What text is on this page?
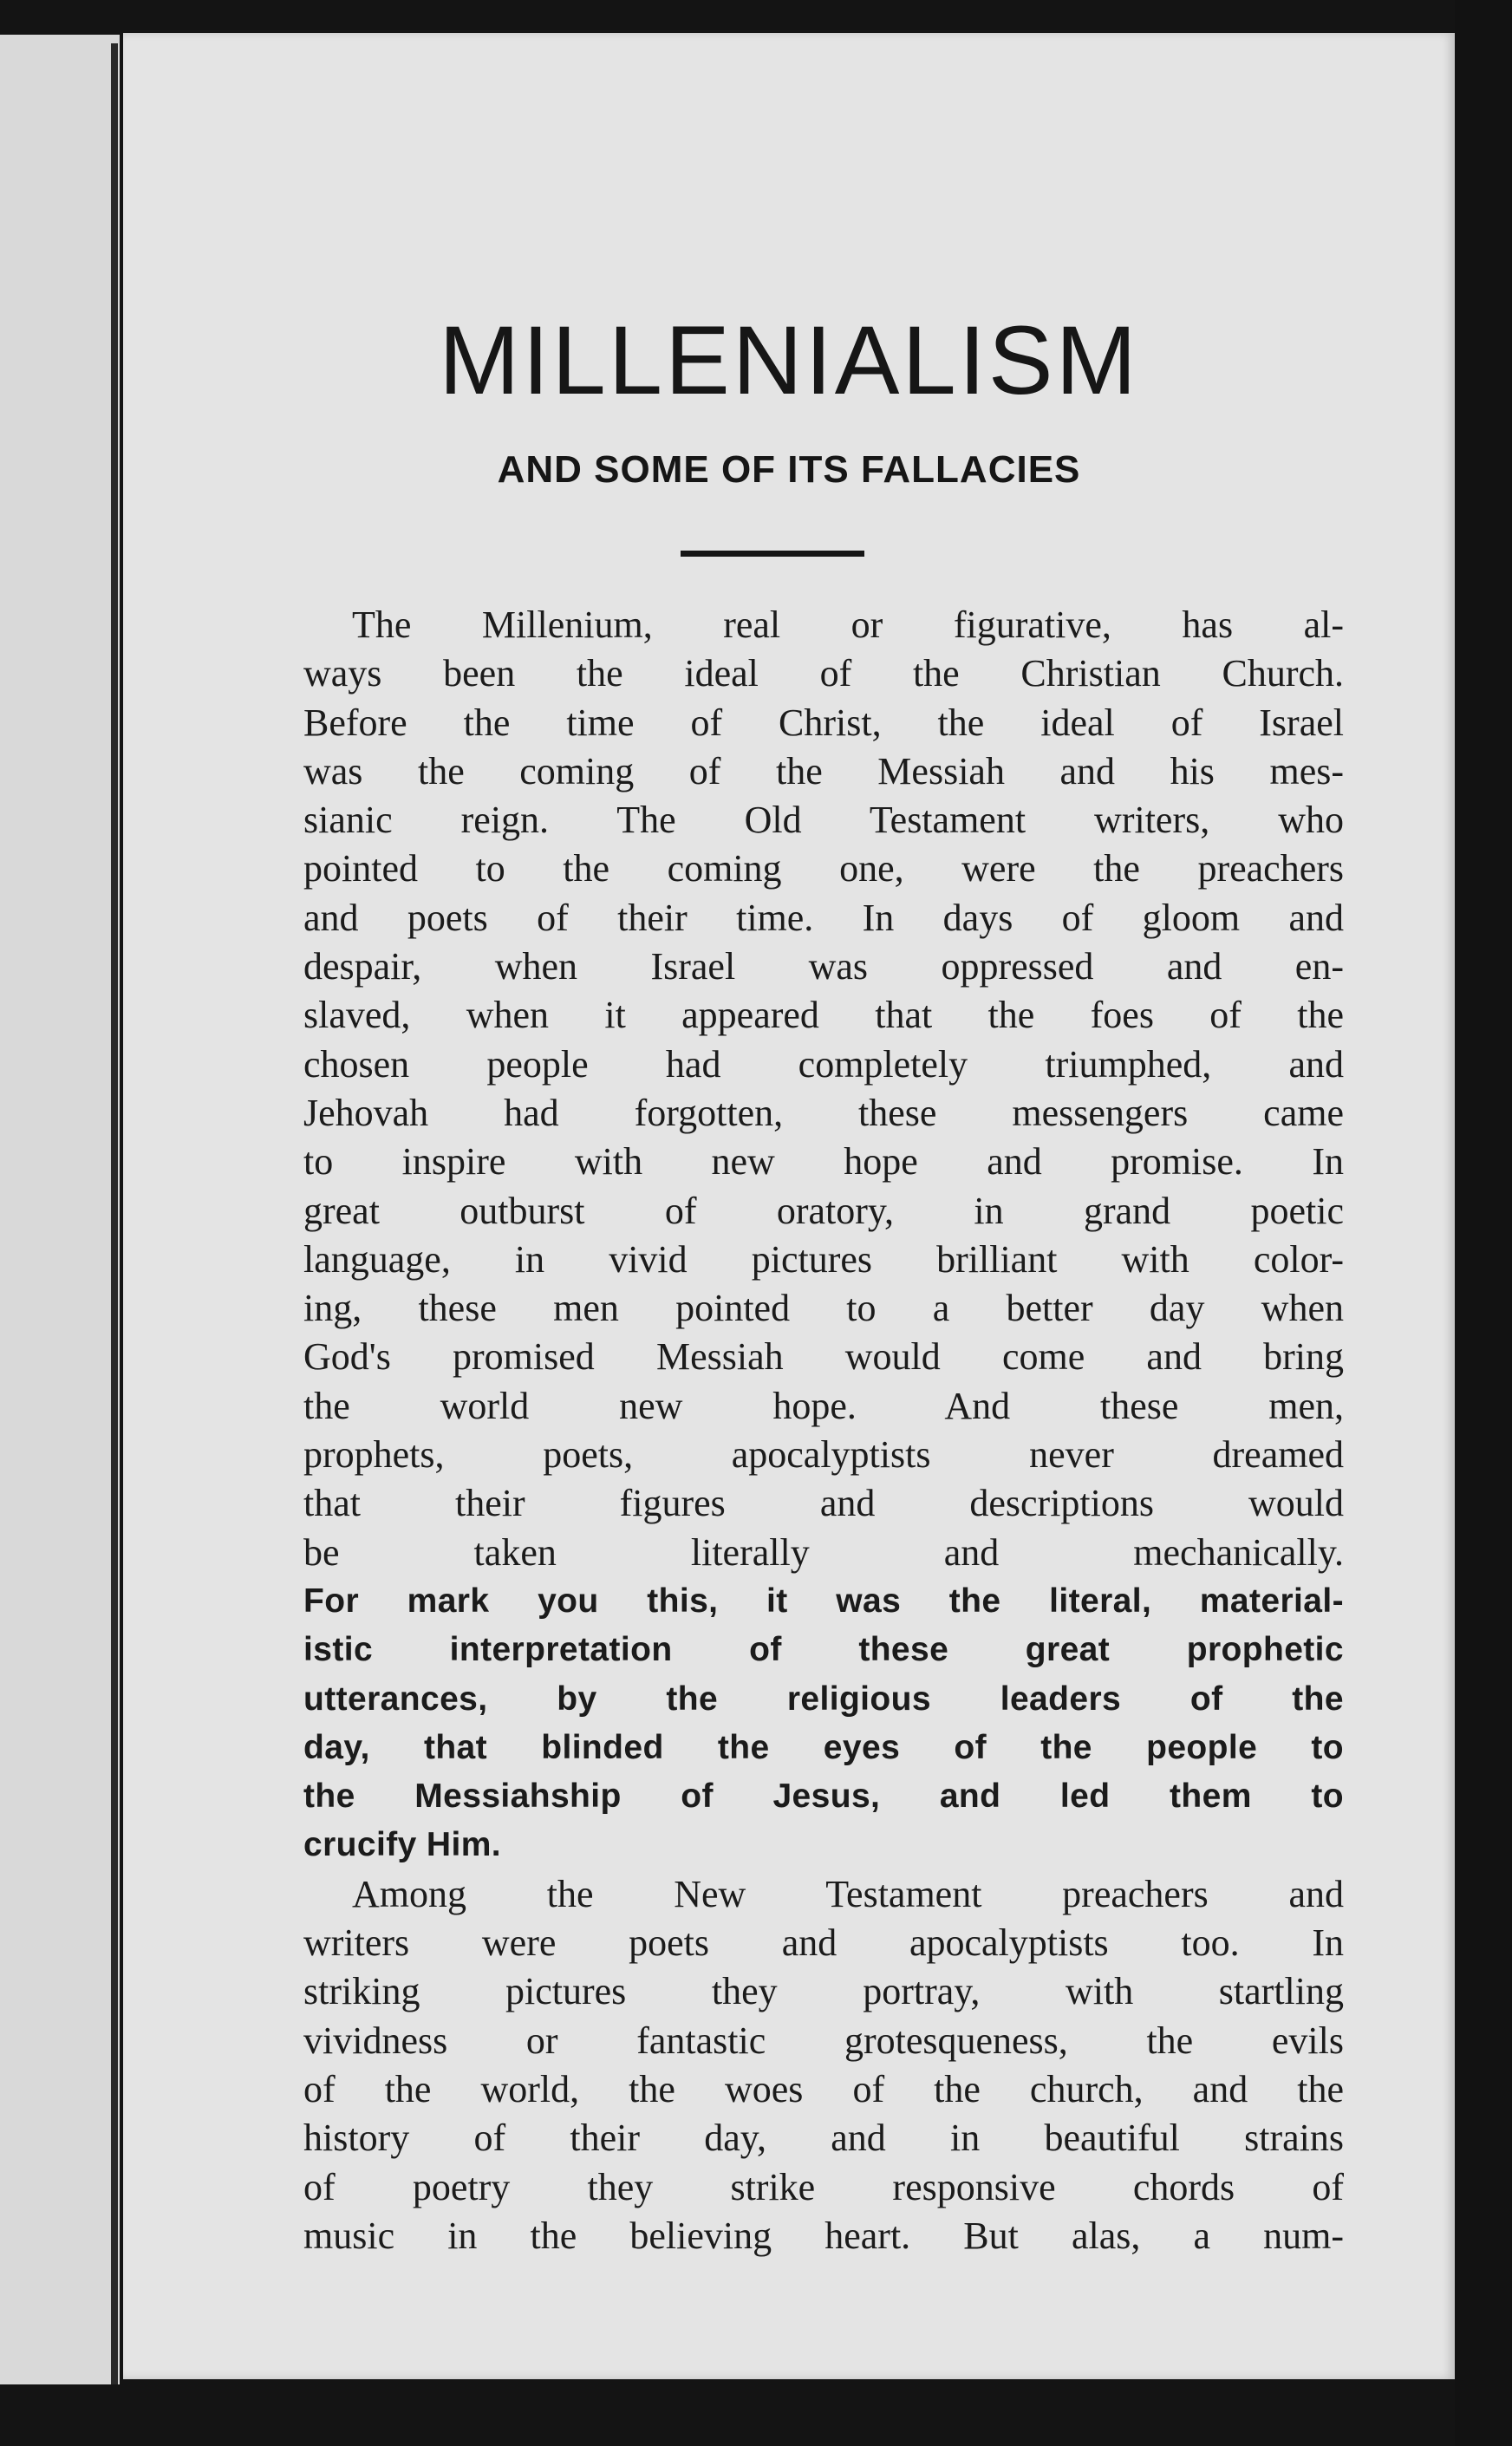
MILLENIALISM
AND SOME OF ITS FALLACIES
The Millenium, real or figurative, has al-
ways been the ideal of the Christian Church.
Before the time of Christ, the ideal of Israel
was the coming of the Messiah and his mes-
sianic reign. The Old Testament writers, who
pointed to the coming one, were the preachers
and poets of their time. In days of gloom and
despair, when Israel was oppressed and en-
slaved, when it appeared that the foes of the
chosen people had completely triumphed, and
Jehovah had forgotten, these messengers came
to inspire with new hope and promise. In
great outburst of oratory, in grand poetic
language, in vivid pictures brilliant with color-
ing, these men pointed to a better day when
God's promised Messiah would come and bring
the world new hope. And these men,
prophets, poets, apocalyptists never dreamed
that their figures and descriptions would
be taken literally and mechanically.
For mark you this, it was the literal, material-
istic interpretation of these great prophetic
utterances, by the religious leaders of the
day, that blinded the eyes of the people to
the Messiahship of Jesus, and led them to
crucify Him.
Among the New Testament preachers and
writers were poets and apocalyptists too. In
striking pictures they portray, with startling
vividness or fantastic grotesqueness, the evils
of the world, the woes of the church, and the
history of their day, and in beautiful strains
of poetry they strike responsive chords of
music in the believing heart. But alas, a num-
